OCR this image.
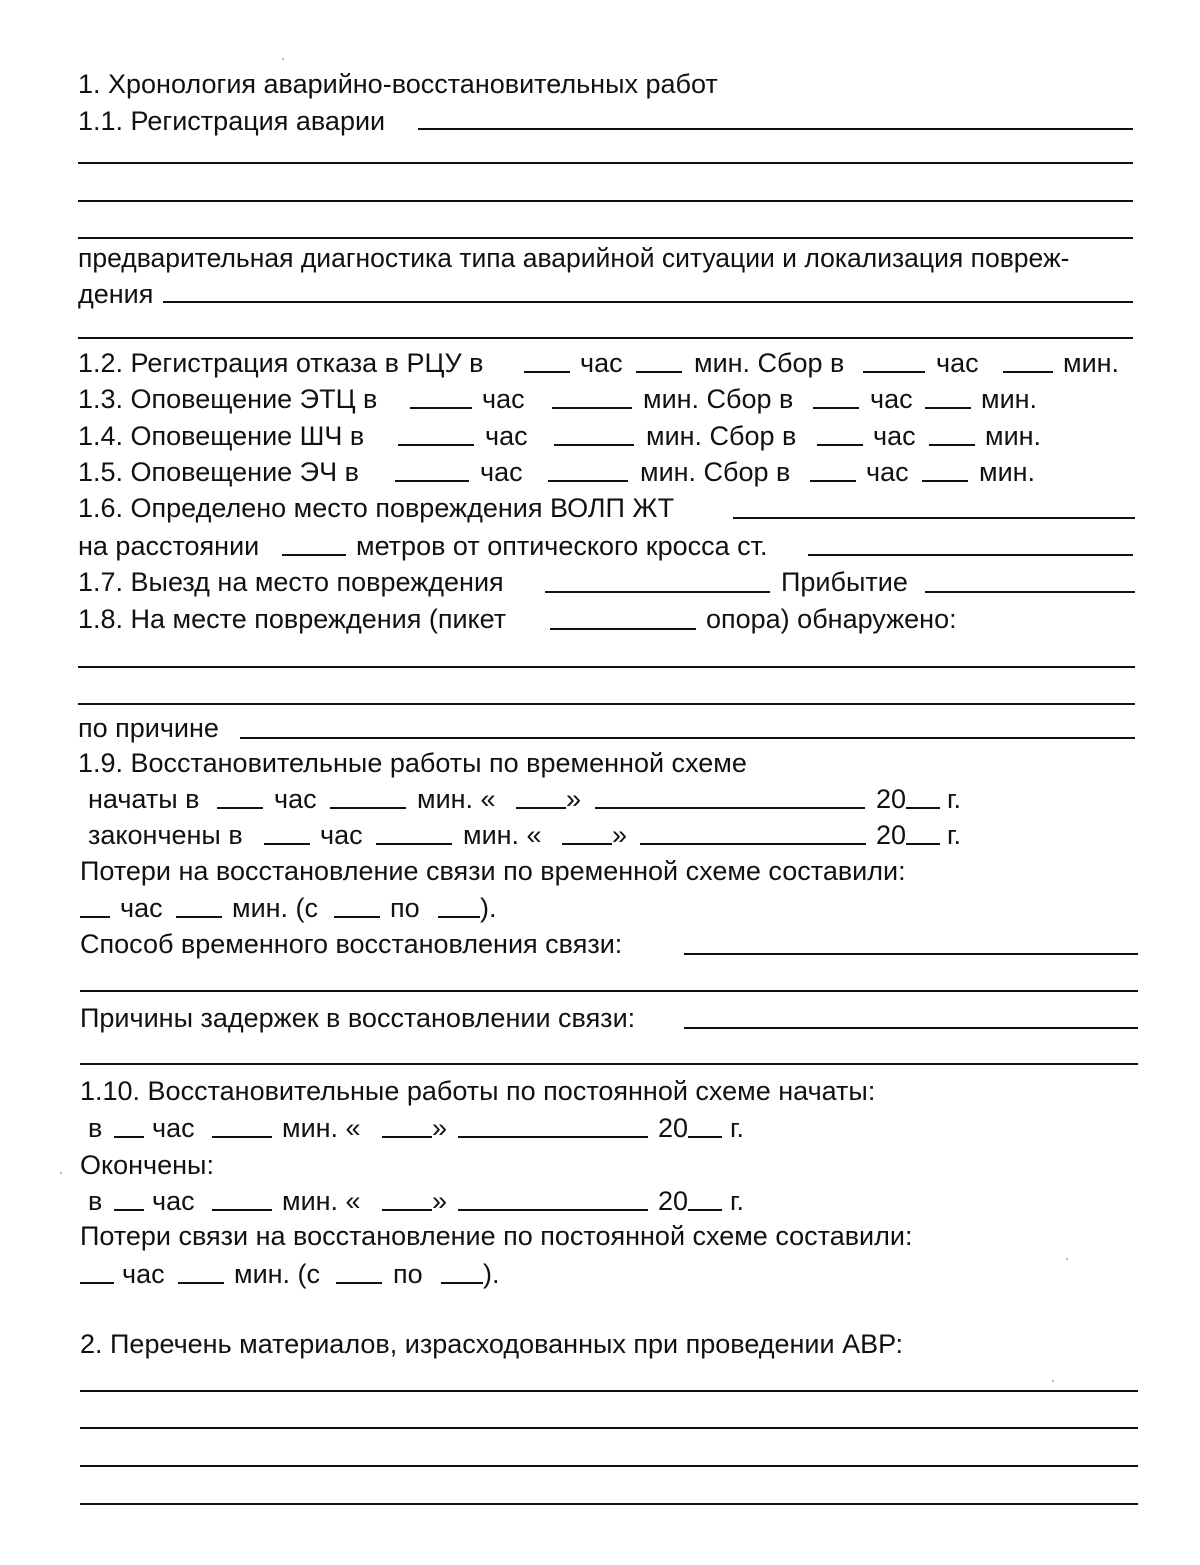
1. Хронология аварийно-восстановительных работ
1.1. Регистрация аварии
предварительная диагностика типа аварийной ситуации и локализация повреж-
дения
1.2. Регистрация отказа в РЦУ в	час	мин. Сбор в	час	мин.
1.3. Оповещение ЭТЦ в	час	мин. Сбор в	час	мин.
1.4. Оповещение ШЧ в	час	мин. Сбор в	час	мин.
1.5. Оповещение ЭЧ в	час	мин. Сбор в	час	мин.
1.6. Определено место повреждения ВОЛП ЖТ
на расстоянии	метров от оптического кросса ст.
1.7. Выезд на место повреждения	Прибытие
1.8. На месте повреждения (пикет	опора) обнаружено:
по причине
1.9. Восстановительные работы по временной схеме
начаты в	час	мин. «	»	20 г.
закончены в	час	мин. «	»	20 г.
Потери на восстановление связи по временной схеме составили:
час	мин. (с	по ).
Способ временного восстановления связи:
Причины задержек в восстановлении связи:
1.10. Восстановительные работы по постоянной схеме начаты:
в час	мин. «	»	20 г.
Окончены:
в час	мин. «	»	20 г.
Потери связи на восстановление по постоянной схеме составили:
час	мин. (с	по ).
2. Перечень материалов, израсходованных при проведении АВР:
